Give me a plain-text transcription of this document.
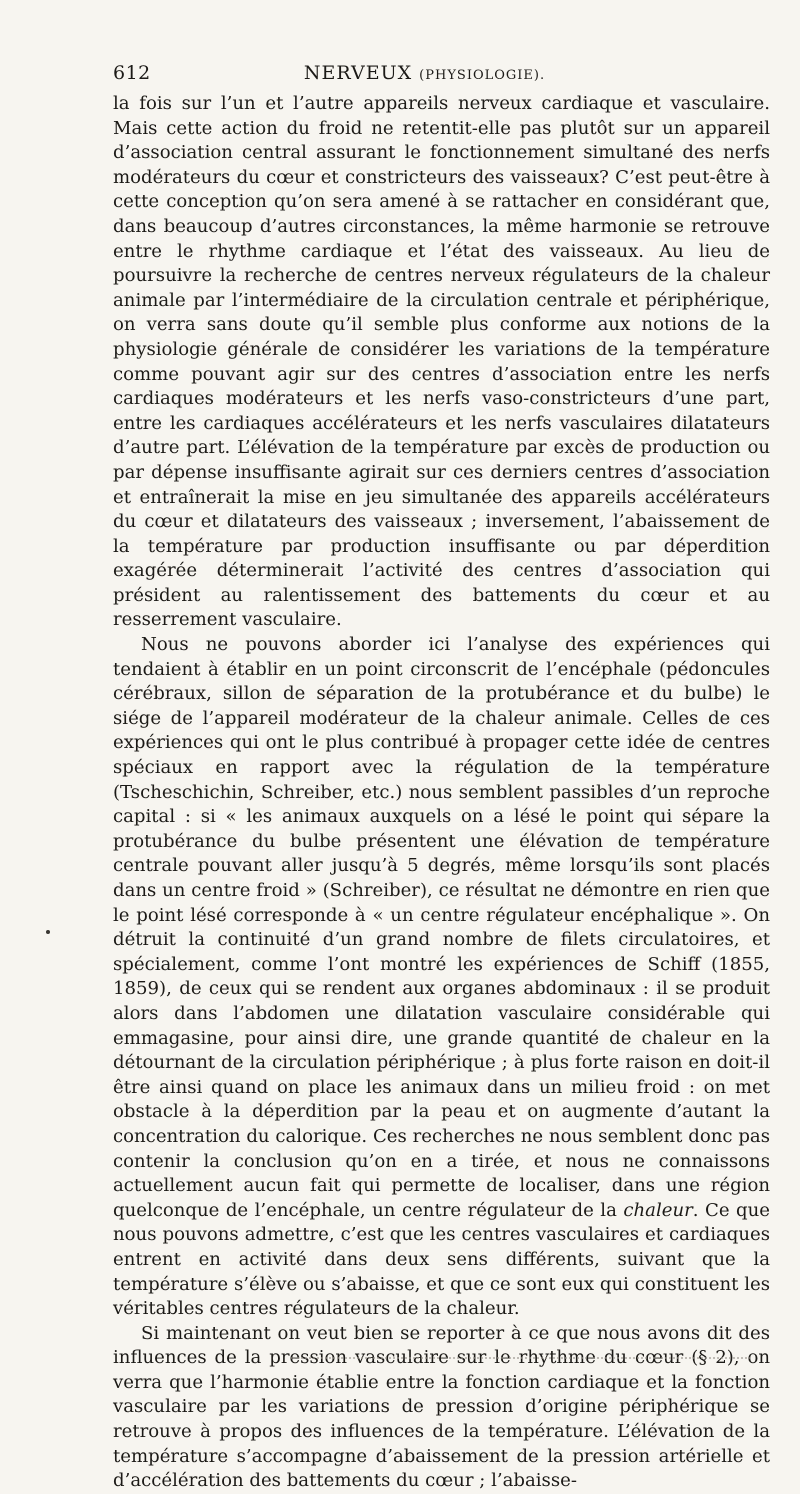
612	NERVEUX (PHYSIOLOGIE).

la fois sur l’un et l’autre appareils nerveux cardiaque et vasculaire. Mais cette action du froid ne retentit-elle pas plutôt sur un appareil d’association central assurant le fonctionnement simultané des nerfs modérateurs du cœur et constricteurs des vaisseaux? C’est peut-être à cette conception qu’on sera amené à se rattacher en considérant que, dans beaucoup d’autres circonstances, la même harmonie se retrouve entre le rhythme cardiaque et l’état des vaisseaux. Au lieu de poursuivre la recherche de centres nerveux régulateurs de la chaleur animale par l’intermédiaire de la circulation centrale et périphérique, on verra sans doute qu’il semble plus conforme aux notions de la physiologie générale de considérer les variations de la température comme pouvant agir sur des centres d’association entre les nerfs cardiaques modérateurs et les nerfs vaso-constricteurs d’une part, entre les cardiaques accélérateurs et les nerfs vasculaires dilatateurs d’autre part. L’élévation de la température par excès de production ou par dépense insuffisante agirait sur ces derniers centres d’association et entraînerait la mise en jeu simultanée des appareils accélérateurs du cœur et dilatateurs des vaisseaux ; inversement, l’abaissement de la température par production insuffisante ou par déperdition exagérée déterminerait l’activité des centres d’association qui président au ralentissement des battements du cœur et au resserrement vasculaire.

Nous ne pouvons aborder ici l’analyse des expériences qui tendaient à établir en un point circonscrit de l’encéphale (pédoncules cérébraux, sillon de séparation de la protubérance et du bulbe) le siége de l’appareil modérateur de la chaleur animale. Celles de ces expériences qui ont le plus contribué à propager cette idée de centres spéciaux en rapport avec la régulation de la température (Tscheschichin, Schreiber, etc.) nous semblent passibles d’un reproche capital : si « les animaux auxquels on a lésé le point qui sépare la protubérance du bulbe présentent une élévation de température centrale pouvant aller jusqu’à 5 degrés, même lorsqu’ils sont placés dans un centre froid » (Schreiber), ce résultat ne démontre en rien que le point lésé corresponde à « un centre régulateur encéphalique ». On détruit la continuité d’un grand nombre de filets circulatoires, et spécialement, comme l’ont montré les expériences de Schiff (1855, 1859), de ceux qui se rendent aux organes abdominaux : il se produit alors dans l’abdomen une dilatation vasculaire considérable qui emmagasine, pour ainsi dire, une grande quantité de chaleur en la détournant de la circulation périphérique ; à plus forte raison en doit-il être ainsi quand on place les animaux dans un milieu froid : on met obstacle à la déperdition par la peau et on augmente d’autant la concentration du calorique. Ces recherches ne nous semblent donc pas contenir la conclusion qu’on en a tirée, et nous ne connaissons actuellement aucun fait qui permette de localiser, dans une région quelconque de l’encéphale, un centre régulateur de la chaleur. Ce que nous pouvons admettre, c’est que les centres vasculaires et cardiaques entrent en activité dans deux sens différents, suivant que la température s’élève ou s’abaisse, et que ce sont eux qui constituent les véritables centres régulateurs de la chaleur.

Si maintenant on veut bien se reporter à ce que nous avons dit des influences de la pression vasculaire sur le rhythme du cœur (§ 2), on verra que l’harmonie établie entre la fonction cardiaque et la fonction vasculaire par les variations de pression d’origine périphérique se retrouve à propos des influences de la température. L’élévation de la température s’accompagne d’abaissement de la pression artérielle et d’accélération des battements du cœur ; l’abaisse-
